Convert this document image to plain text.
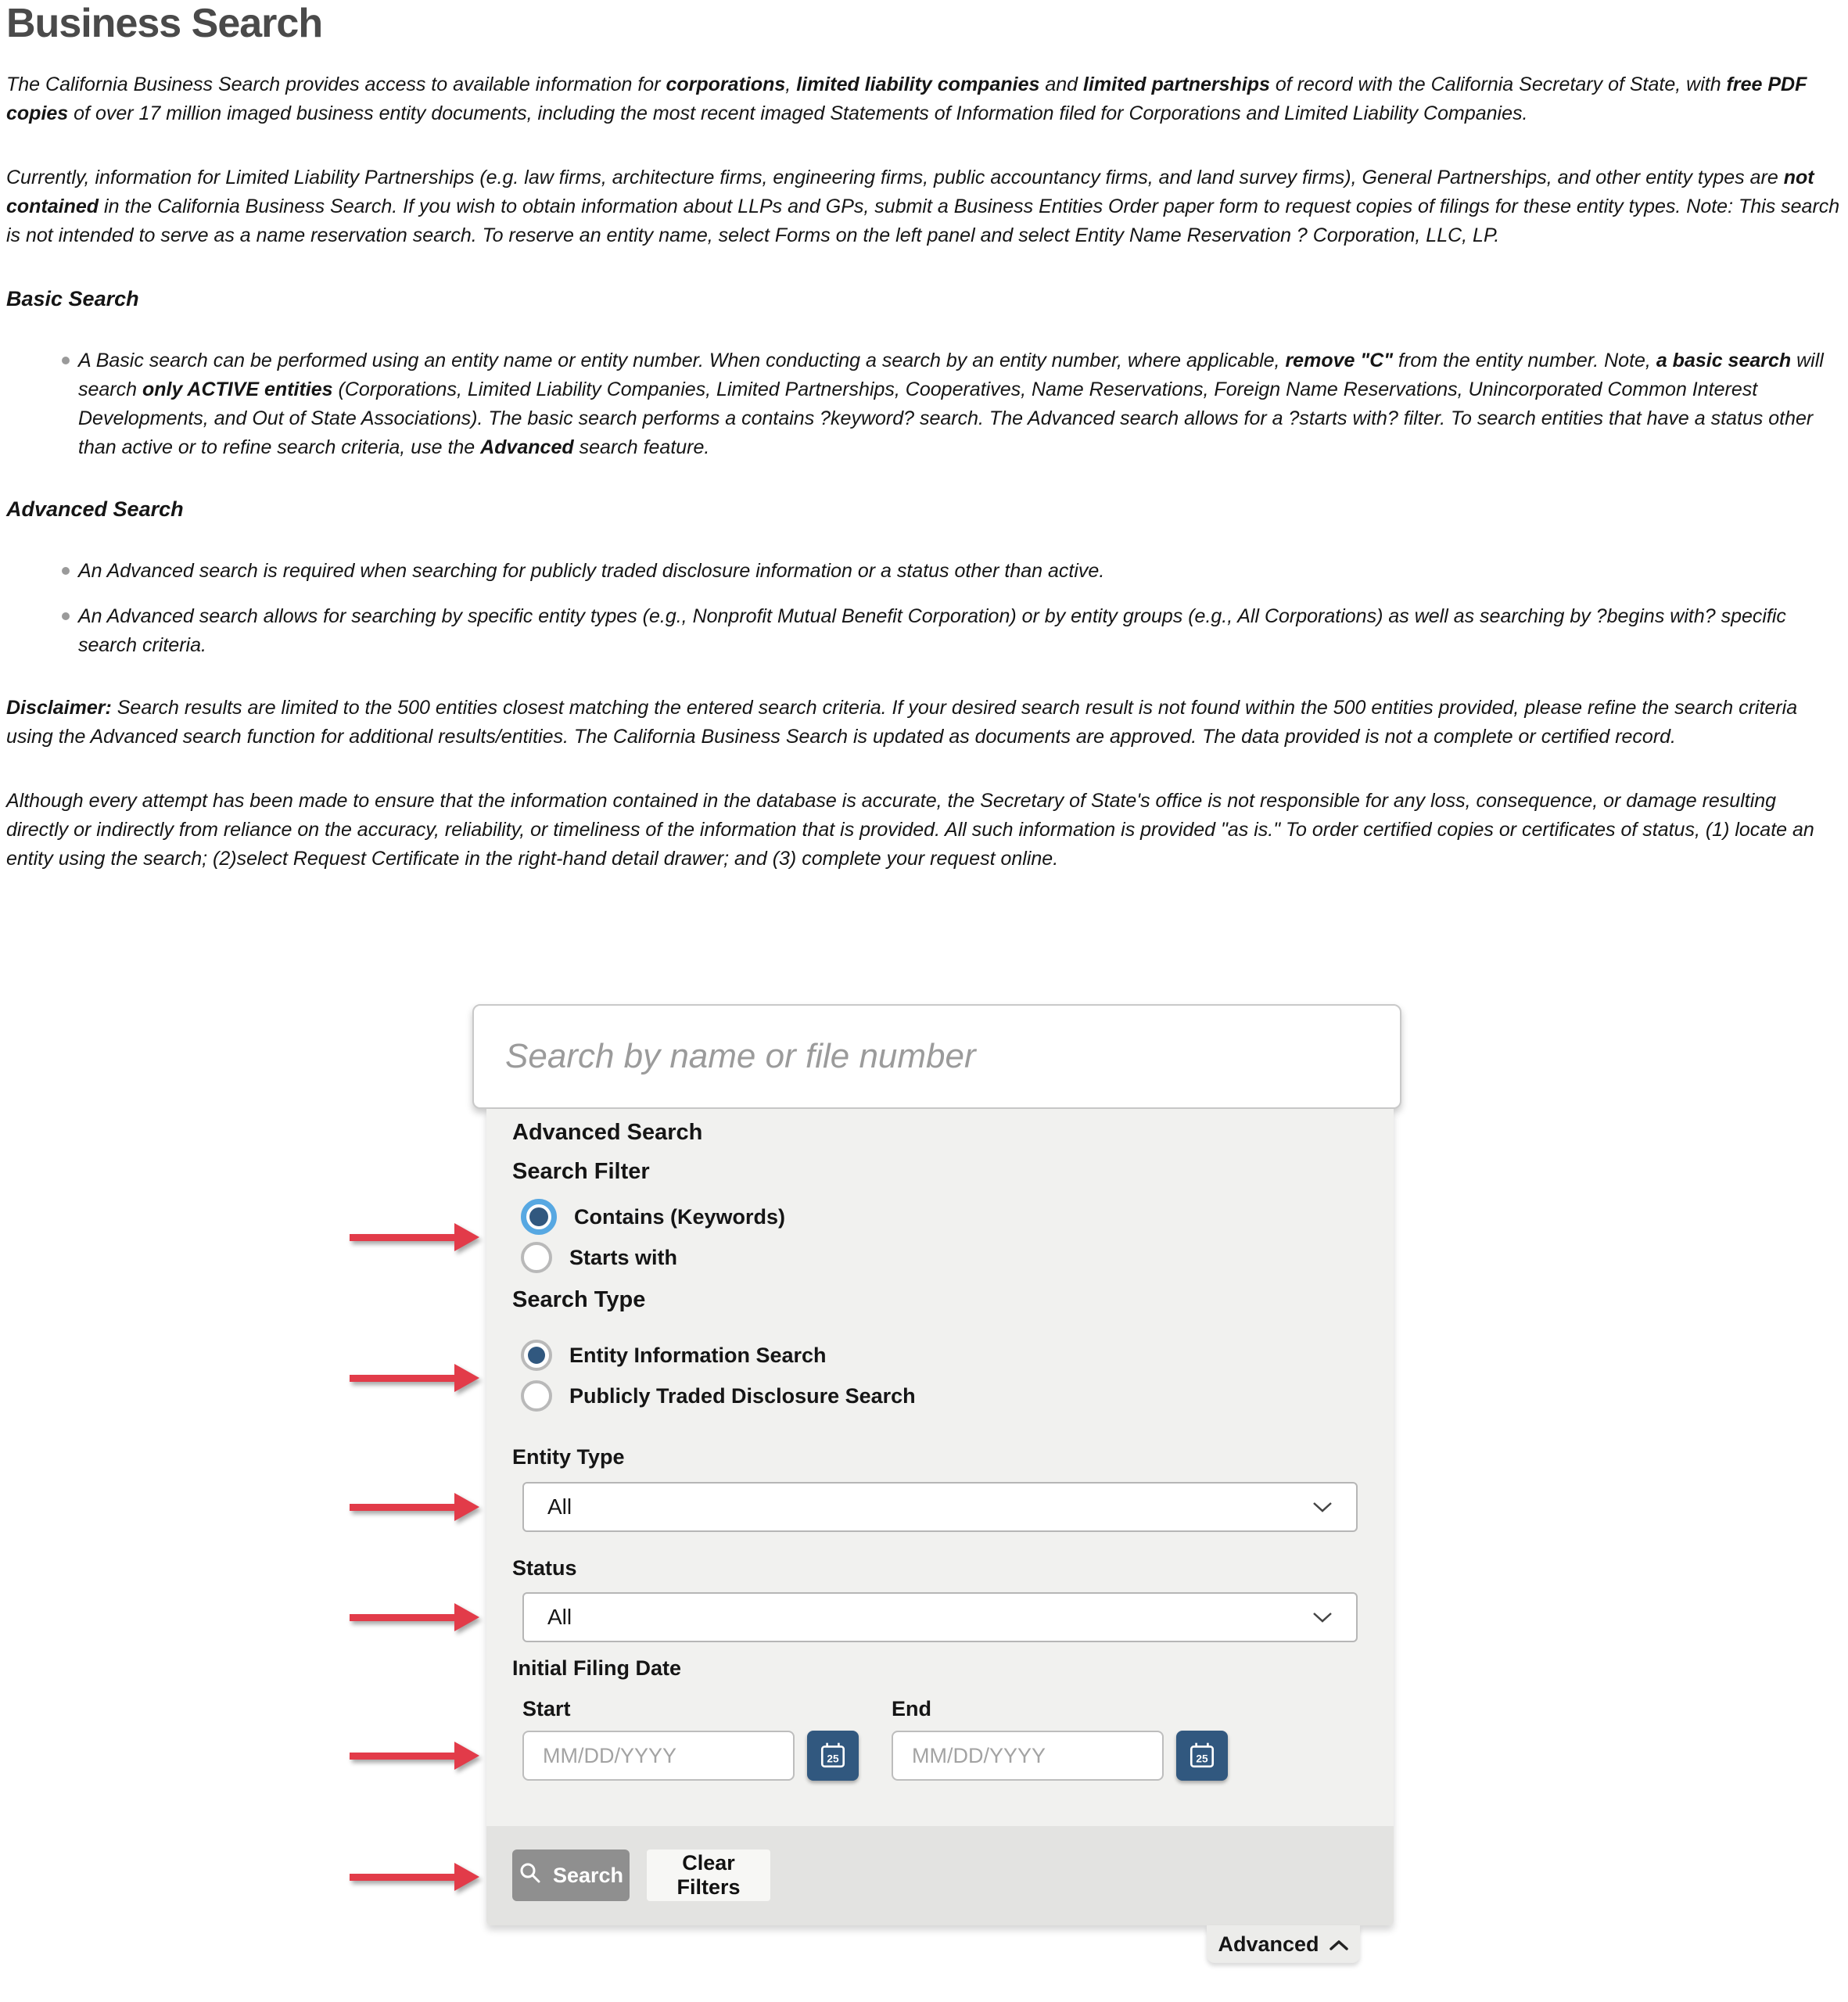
Business Search

The California Business Search provides access to available information for corporations, limited liability companies and limited partnerships of record with the California Secretary of State, with free PDF copies of over 17 million imaged business entity documents, including the most recent imaged Statements of Information filed for Corporations and Limited Liability Companies.

Currently, information for Limited Liability Partnerships (e.g. law firms, architecture firms, engineering firms, public accountancy firms, and land survey firms), General Partnerships, and other entity types are not contained in the California Business Search. If you wish to obtain information about LLPs and GPs, submit a Business Entities Order paper form to request copies of filings for these entity types. Note: This search is not intended to serve as a name reservation search. To reserve an entity name, select Forms on the left panel and select Entity Name Reservation ? Corporation, LLC, LP.

Basic Search
A Basic search can be performed using an entity name or entity number. When conducting a search by an entity number, where applicable, remove "C" from the entity number. Note, a basic search will search only ACTIVE entities (Corporations, Limited Liability Companies, Limited Partnerships, Cooperatives, Name Reservations, Foreign Name Reservations, Unincorporated Common Interest Developments, and Out of State Associations). The basic search performs a contains ?keyword? search. The Advanced search allows for a ?starts with? filter. To search entities that have a status other than active or to refine search criteria, use the Advanced search feature.
Advanced Search
An Advanced search is required when searching for publicly traded disclosure information or a status other than active.
An Advanced search allows for searching by specific entity types (e.g., Nonprofit Mutual Benefit Corporation) or by entity groups (e.g., All Corporations) as well as searching by ?begins with? specific search criteria.

Disclaimer: Search results are limited to the 500 entities closest matching the entered search criteria. If your desired search result is not found within the 500 entities provided, please refine the search criteria using the Advanced search function for additional results/entities. The California Business Search is updated as documents are approved. The data provided is not a complete or certified record.

Although every attempt has been made to ensure that the information contained in the database is accurate, the Secretary of State's office is not responsible for any loss, consequence, or damage resulting directly or indirectly from reliance on the accuracy, reliability, or timeliness of the information that is provided. All such information is provided "as is." To order certified copies or certificates of status, (1) locate an entity using the search; (2)select Request Certificate in the right-hand detail drawer; and (3) complete your request online.

Search by name or file number
Advanced Search
Search Filter
Contains (Keywords)
Starts with
Search Type
Entity Information Search
Publicly Traded Disclosure Search
Entity Type
All
Status
All
Initial Filing Date
Start	End
MM/DD/YYYY
25
MM/DD/YYYY	25
Search
Clear Filters
Advanced
